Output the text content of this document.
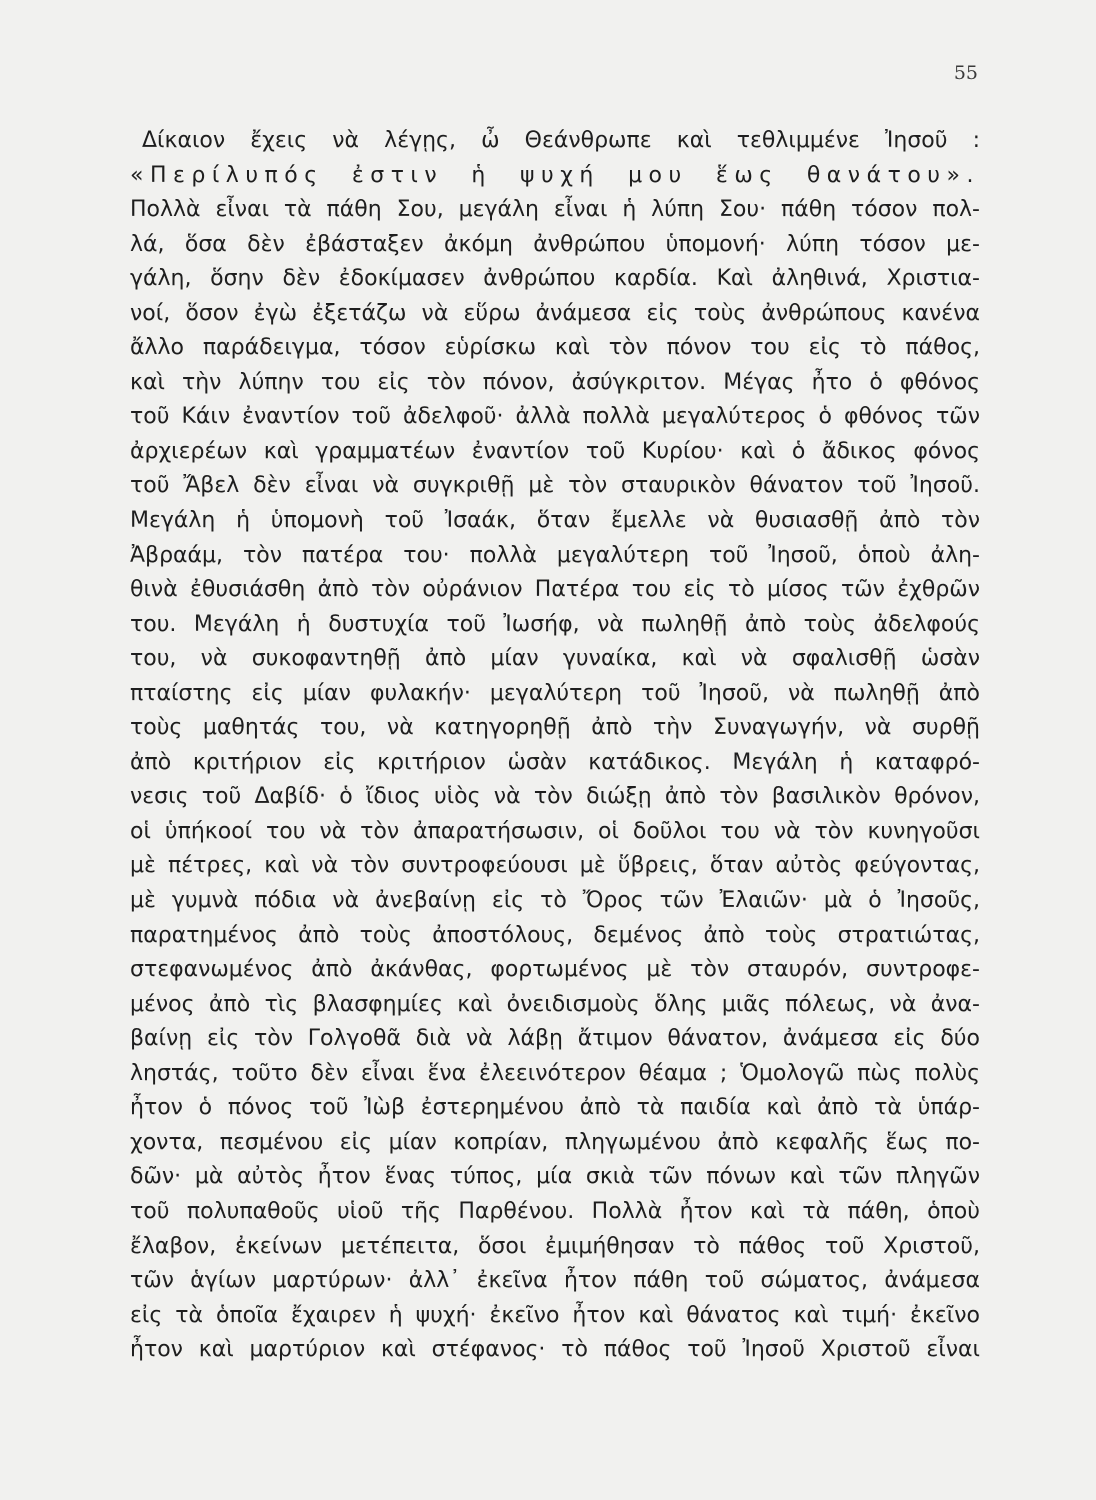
55
Δίκαιον ἔχεις νὰ λέγῃς, ὦ Θεάνθρωπε καὶ τεθλιμμένε Ἰησοῦ :
«Περίλυπός ἐστιν ἡ ψυχή μου ἕως θανάτου».
Πολλὰ εἶναι τὰ πάθη Σου, μεγάλη εἶναι ἡ λύπη Σου· πάθη τόσον πολ-
λά, ὅσα δὲν ἐβάσταξεν ἀκόμη ἀνθρώπου ὑπομονή· λύπη τόσον με-
γάλη, ὅσην δὲν ἐδοκίμασεν ἀνθρώπου καρδία. Καὶ ἀληθινά, Χριστια-
νοί, ὅσον ἐγὼ ἐξετάζω νὰ εὕρω ἀνάμεσα εἰς τοὺς ἀνθρώπους κανένα
ἄλλο παράδειγμα, τόσον εὑρίσκω καὶ τὸν πόνον του εἰς τὸ πάθος,
καὶ τὴν λύπην του εἰς τὸν πόνον, ἀσύγκριτον. Μέγας ἦτο ὁ φθόνος
τοῦ Κάιν ἐναντίον τοῦ ἀδελφοῦ· ἀλλὰ πολλὰ μεγαλύτερος ὁ φθόνος τῶν
ἀρχιερέων καὶ γραμματέων ἐναντίον τοῦ Κυρίου· καὶ ὁ ἄδικος φόνος
τοῦ Ἄβελ δὲν εἶναι νὰ συγκριθῇ μὲ τὸν σταυρικὸν θάνατον τοῦ Ἰησοῦ.
Μεγάλη ἡ ὑπομονὴ τοῦ Ἰσαάκ, ὅταν ἔμελλε νὰ θυσιασθῇ ἀπὸ τὸν
Ἀβραάμ, τὸν πατέρα του· πολλὰ μεγαλύτερη τοῦ Ἰησοῦ, ὁποὺ ἀλη-
θινὰ ἐθυσιάσθη ἀπὸ τὸν οὐράνιον Πατέρα του εἰς τὸ μίσος τῶν ἐχθρῶν
του. Μεγάλη ἡ δυστυχία τοῦ Ἰωσήφ, νὰ πωληθῇ ἀπὸ τοὺς ἀδελφούς
του, νὰ συκοφαντηθῇ ἀπὸ μίαν γυναίκα, καὶ νὰ σφαλισθῇ ὡσὰν
πταίστης εἰς μίαν φυλακήν· μεγαλύτερη τοῦ Ἰησοῦ, νὰ πωληθῇ ἀπὸ
τοὺς μαθητάς του, νὰ κατηγορηθῇ ἀπὸ τὴν Συναγωγήν, νὰ συρθῇ
ἀπὸ κριτήριον εἰς κριτήριον ὡσὰν κατάδικος. Μεγάλη ἡ καταφρό-
νεσις τοῦ Δαβίδ· ὁ ἴδιος υἱὸς νὰ τὸν διώξῃ ἀπὸ τὸν βασιλικὸν θρόνον,
οἱ ὑπήκοοί του νὰ τὸν ἀπαρατήσωσιν, οἱ δοῦλοι του νὰ τὸν κυνηγοῦσι
μὲ πέτρες, καὶ νὰ τὸν συντροφεύουσι μὲ ὕβρεις, ὅταν αὐτὸς φεύγοντας,
μὲ γυμνὰ πόδια νὰ ἀνεβαίνῃ εἰς τὸ Ὄρος τῶν Ἐλαιῶν· μὰ ὁ Ἰησοῦς,
παρατημένος ἀπὸ τοὺς ἀποστόλους, δεμένος ἀπὸ τοὺς στρατιώτας,
στεφανωμένος ἀπὸ ἀκάνθας, φορτωμένος μὲ τὸν σταυρόν, συντροφε-
μένος ἀπὸ τὶς βλασφημίες καὶ ὀνειδισμοὺς ὅλης μιᾶς πόλεως, νὰ ἀνα-
βαίνῃ εἰς τὸν Γολγοθᾶ διὰ νὰ λάβῃ ἄτιμον θάνατον, ἀνάμεσα εἰς δύο
ληστάς, τοῦτο δὲν εἶναι ἕνα ἐλεεινότερον θέαμα ; Ὁμολογῶ πὼς πολὺς
ἦτον ὁ πόνος τοῦ Ἰὼβ ἐστερημένου ἀπὸ τὰ παιδία καὶ ἀπὸ τὰ ὑπάρ-
χοντα, πεσμένου εἰς μίαν κοπρίαν, πληγωμένου ἀπὸ κεφαλῆς ἕως πο-
δῶν· μὰ αὐτὸς ἦτον ἕνας τύπος, μία σκιὰ τῶν πόνων καὶ τῶν πληγῶν
τοῦ πολυπαθοῦς υἱοῦ τῆς Παρθένου. Πολλὰ ἦτον καὶ τὰ πάθη, ὁποὺ
ἔλαβον, ἐκείνων μετέπειτα, ὅσοι ἐμιμήθησαν τὸ πάθος τοῦ Χριστοῦ,
τῶν ἁγίων μαρτύρων· ἀλλ᾽ ἐκεῖνα ἦτον πάθη τοῦ σώματος, ἀνάμεσα
εἰς τὰ ὁποῖα ἔχαιρεν ἡ ψυχή· ἐκεῖνο ἦτον καὶ θάνατος καὶ τιμή· ἐκεῖνο
ἦτον καὶ μαρτύριον καὶ στέφανος· τὸ πάθος τοῦ Ἰησοῦ Χριστοῦ εἶναι
